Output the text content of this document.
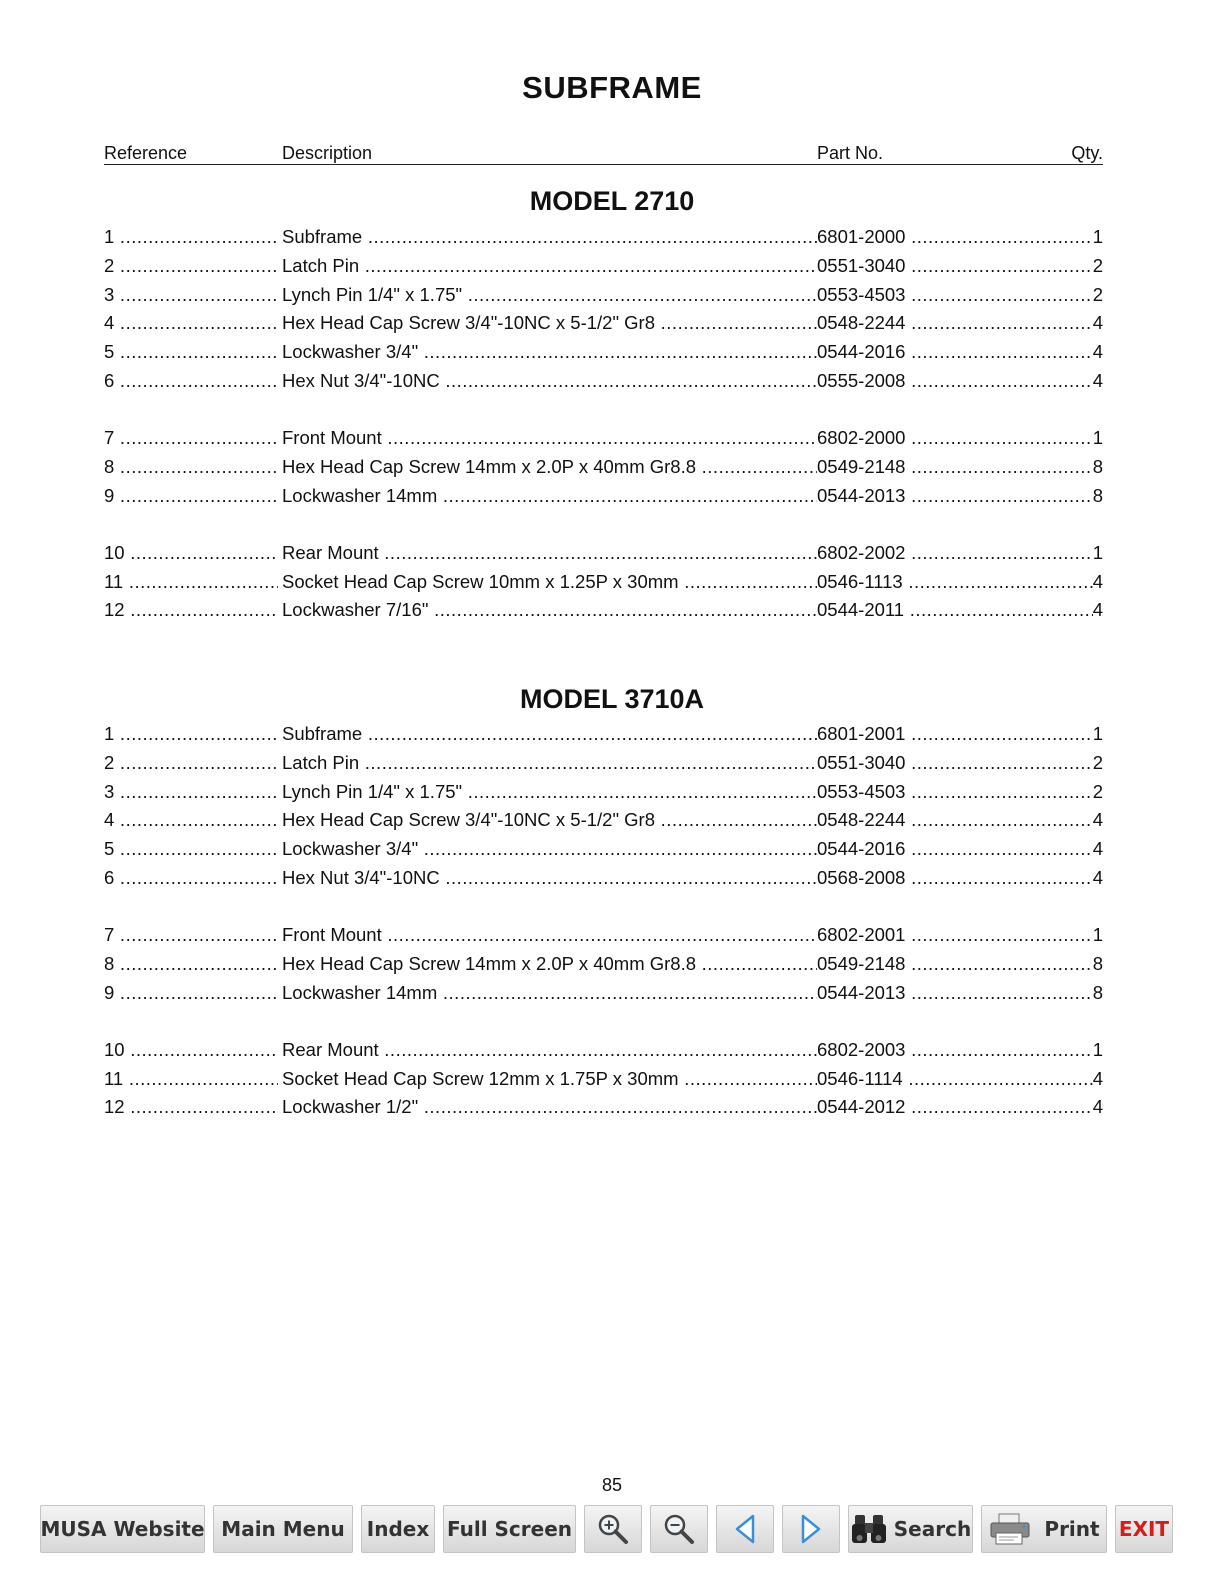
SUBFRAME
Reference	Description	Part No.	Qty.
MODEL 2710
1 .....	Subframe .....	6801-2000 .....	1
2 .....	Latch Pin .....	0551-3040 .....	2
3 .....	Lynch Pin 1/4" x 1.75" .....	0553-4503 .....	2
4 .....	Hex Head Cap Screw 3/4"-10NC x 5-1/2" Gr8 .....	0548-2244 .....	4
5 .....	Lockwasher 3/4" .....	0544-2016 .....	4
6 .....	Hex Nut 3/4"-10NC .....	0555-2008 .....	4
7 .....	Front Mount .....	6802-2000 .....	1
8 .....	Hex Head Cap Screw 14mm x 2.0P x 40mm Gr8.8 .....	0549-2148 .....	8
9 .....	Lockwasher 14mm .....	0544-2013 .....	8
10 .....	Rear Mount .....	6802-2002 .....	1
11 .....	Socket Head Cap Screw 10mm x 1.25P x 30mm .....	0546-1113 .....	4
12 .....	Lockwasher 7/16" .....	0544-2011 .....	4
MODEL 3710A
1 .....	Subframe .....	6801-2001 .....	1
2 .....	Latch Pin .....	0551-3040 .....	2
3 .....	Lynch Pin 1/4" x 1.75" .....	0553-4503 .....	2
4 .....	Hex Head Cap Screw 3/4"-10NC x 5-1/2" Gr8 .....	0548-2244 .....	4
5 .....	Lockwasher 3/4" .....	0544-2016 .....	4
6 .....	Hex Nut 3/4"-10NC .....	0568-2008 .....	4
7 .....	Front Mount .....	6802-2001 .....	1
8 .....	Hex Head Cap Screw 14mm x 2.0P x 40mm Gr8.8 .....	0549-2148 .....	8
9 .....	Lockwasher 14mm .....	0544-2013 .....	8
10 .....	Rear Mount .....	6802-2003 .....	1
11 .....	Socket Head Cap Screw 12mm x 1.75P x 30mm .....	0546-1114 .....	4
12 .....	Lockwasher 1/2" .....	0544-2012 .....	4
85
MUSA Website Main Menu Index Full Screen	Search	Print EXIT
